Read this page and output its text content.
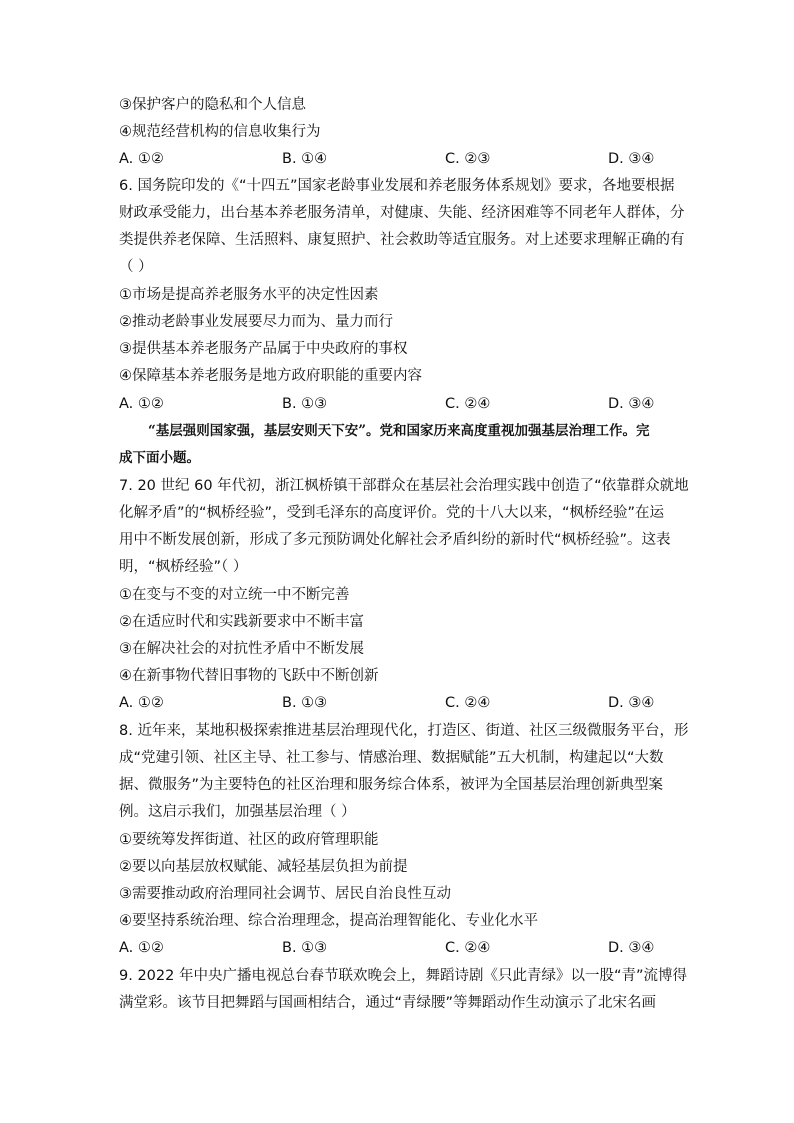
③保护客户的隐私和个人信息
④规范经营机构的信息收集行为
A. ①②	B. ①④	C. ②③	D. ③④
6. 国务院印发的《“十四五”国家老龄事业发展和养老服务体系规划》要求，各地要根据
财政承受能力，出台基本养老服务清单，对健康、失能、经济困难等不同老年人群体，分
类提供养老保障、生活照料、康复照护、社会救助等适宜服务。对上述要求理解正确的有
（ ）
①市场是提高养老服务水平的决定性因素
②推动老龄事业发展要尽力而为、量力而行
③提供基本养老服务产品属于中央政府的事权
④保障基本养老服务是地方政府职能的重要内容
A. ①②	B. ①③	C. ②④	D. ③④
“基层强则国家强，基层安则天下安”。党和国家历来高度重视加强基层治理工作。完
成下面小题。
7. 20 世纪 60 年代初，浙江枫桥镇干部群众在基层社会治理实践中创造了“依靠群众就地
化解矛盾”的“枫桥经验”，受到毛泽东的高度评价。党的十八大以来，“枫桥经验”在运
用中不断发展创新，形成了多元预防调处化解社会矛盾纠纷的新时代“枫桥经验”。这表
明，“枫桥经验”（ ）
①在变与不变的对立统一中不断完善
②在适应时代和实践新要求中不断丰富
③在解决社会的对抗性矛盾中不断发展
④在新事物代替旧事物的飞跃中不断创新
A. ①②	B. ①③	C. ②④	D. ③④
8. 近年来，某地积极探索推进基层治理现代化，打造区、街道、社区三级微服务平台，形
成“党建引领、社区主导、社工参与、情感治理、数据赋能”五大机制，构建起以“大数
据、微服务”为主要特色的社区治理和服务综合体系，被评为全国基层治理创新典型案
例。这启示我们，加强基层治理（ ）
①要统筹发挥街道、社区的政府管理职能
②要以向基层放权赋能、减轻基层负担为前提
③需要推动政府治理同社会调节、居民自治良性互动
④要坚持系统治理、综合治理理念，提高治理智能化、专业化水平
A. ①②	B. ①③	C. ②④	D. ③④
9. 2022 年中央广播电视总台春节联欢晚会上，舞蹈诗剧《只此青绿》以一股“青”流博得
满堂彩。该节目把舞蹈与国画相结合，通过“青绿腰”等舞蹈动作生动演示了北宋名画
